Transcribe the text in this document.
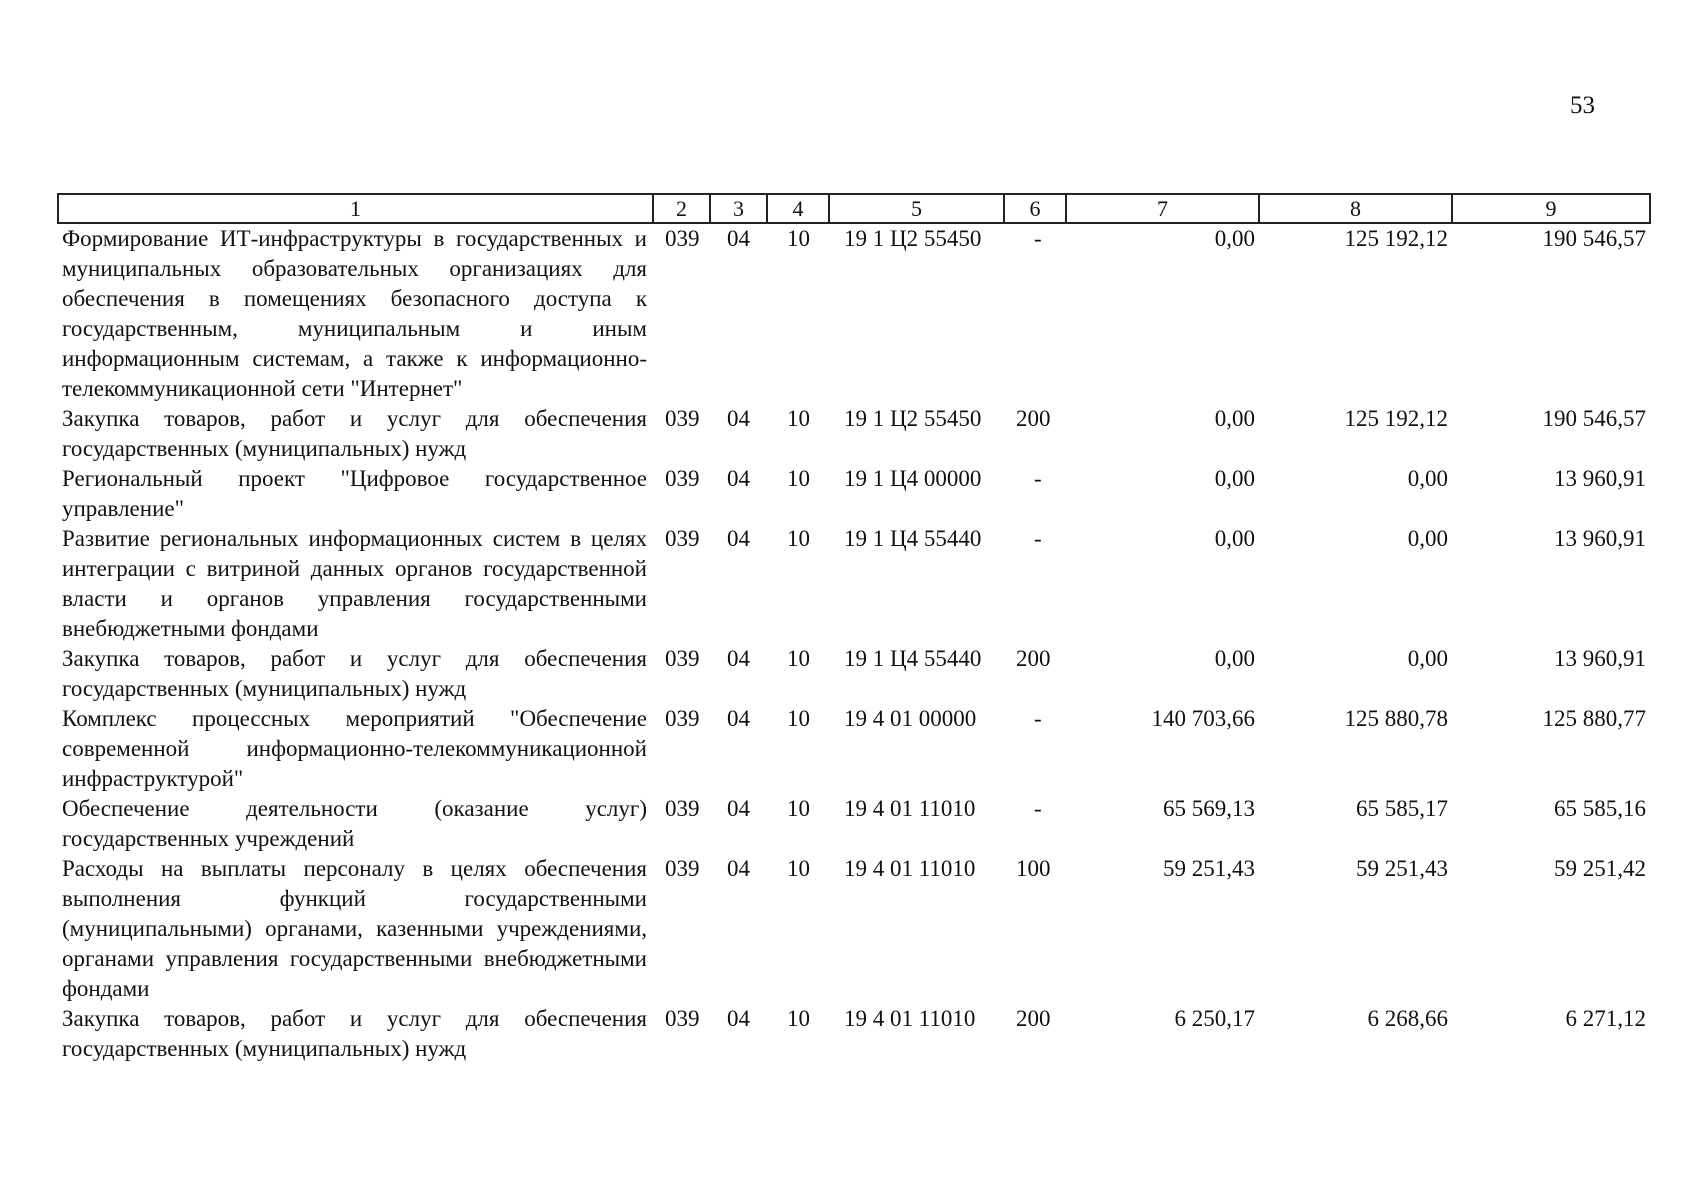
53
1	2	3	4	5	6	7	8	9
Формирование ИТ-инфраструктуры в государственных и муниципальных образовательных организациях для обеспечения в помещениях безопасного доступа к государственным, муниципальным и иным информационным системам, а также к информационно-телекоммуникационной сети "Интернет"	039	04	10	19 1 Ц2 55450	-	0,00	125 192,12	190 546,57
Закупка товаров, работ и услуг для обеспечения государственных (муниципальных) нужд	039	04	10	19 1 Ц2 55450	200	0,00	125 192,12	190 546,57
Региональный проект "Цифровое государственное управление"	039	04	10	19 1 Ц4 00000	-	0,00	0,00	13 960,91
Развитие региональных информационных систем в целях интеграции с витриной данных органов государственной власти и органов управления государственными внебюджетными фондами	039	04	10	19 1 Ц4 55440	-	0,00	0,00	13 960,91
Закупка товаров, работ и услуг для обеспечения государственных (муниципальных) нужд	039	04	10	19 1 Ц4 55440	200	0,00	0,00	13 960,91
Комплекс процессных мероприятий "Обеспечение современной информационно-телекоммуникационной инфраструктурой"	039	04	10	19 4 01 00000	-	140 703,66	125 880,78	125 880,77
Обеспечение деятельности (оказание услуг) государственных учреждений	039	04	10	19 4 01 11010	-	65 569,13	65 585,17	65 585,16
Расходы на выплаты персоналу в целях обеспечения выполнения функций государственными (муниципальными) органами, казенными учреждениями, органами управления государственными внебюджетными фондами	039	04	10	19 4 01 11010	100	59 251,43	59 251,43	59 251,42
Закупка товаров, работ и услуг для обеспечения государственных (муниципальных) нужд	039	04	10	19 4 01 11010	200	6 250,17	6 268,66	6 271,12
